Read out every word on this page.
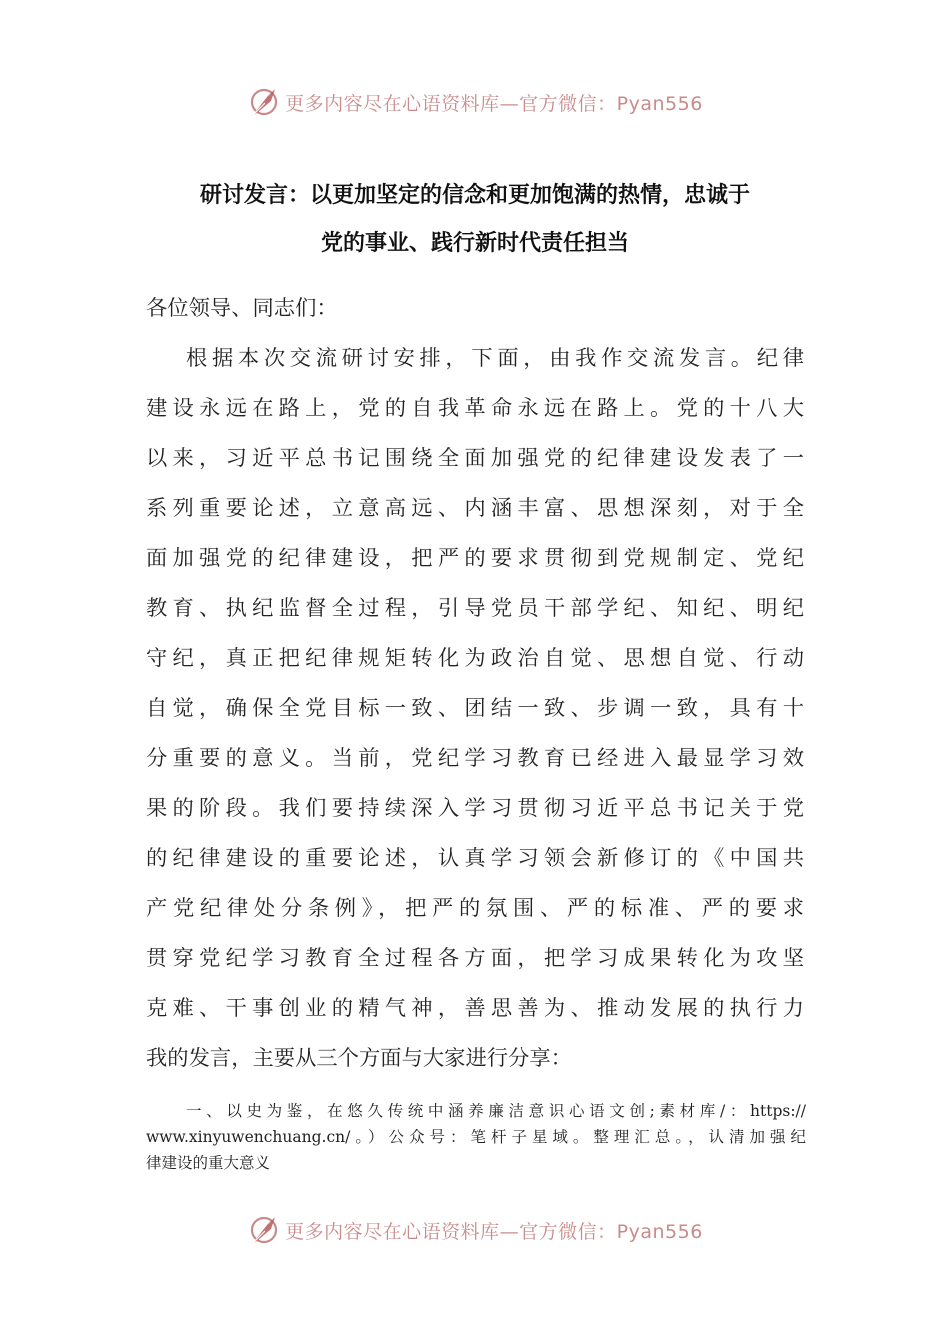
更多内容尽在心语资料库—官方微信：Pyan556
研讨发言：以更加坚定的信念和更加饱满的热情，忠诚于
党的事业、践行新时代责任担当
各位领导、同志们：
根据本次交流研讨安排，下面，由我作交流发言。纪律
建设永远在路上，党的自我革命永远在路上。党的十八大
以来，习近平总书记围绕全面加强党的纪律建设发表了一
系列重要论述，立意高远、内涵丰富、思想深刻，对于全
面加强党的纪律建设，把严的要求贯彻到党规制定、党纪
教育、执纪监督全过程，引导党员干部学纪、知纪、明纪
守纪，真正把纪律规矩转化为政治自觉、思想自觉、行动
自觉，确保全党目标一致、团结一致、步调一致，具有十
分重要的意义。当前，党纪学习教育已经进入最显学习效
果的阶段。我们要持续深入学习贯彻习近平总书记关于党
的纪律建设的重要论述，认真学习领会新修订的《中国共
产党纪律处分条例》，把严的氛围、严的标准、严的要求
贯穿党纪学习教育全过程各方面，把学习成果转化为攻坚
克难、干事创业的精气神，善思善为、推动发展的执行力
我的发言，主要从三个方面与大家进行分享：
一、以史为鉴，在悠久传统中涵养廉洁意识心语文创;素材库/：https://
www.xinyuwenchuang.cn/。）公众号：笔杆子星域。整理汇总。，认清加强纪
律建设的重大意义
更多内容尽在心语资料库—官方微信：Pyan556
